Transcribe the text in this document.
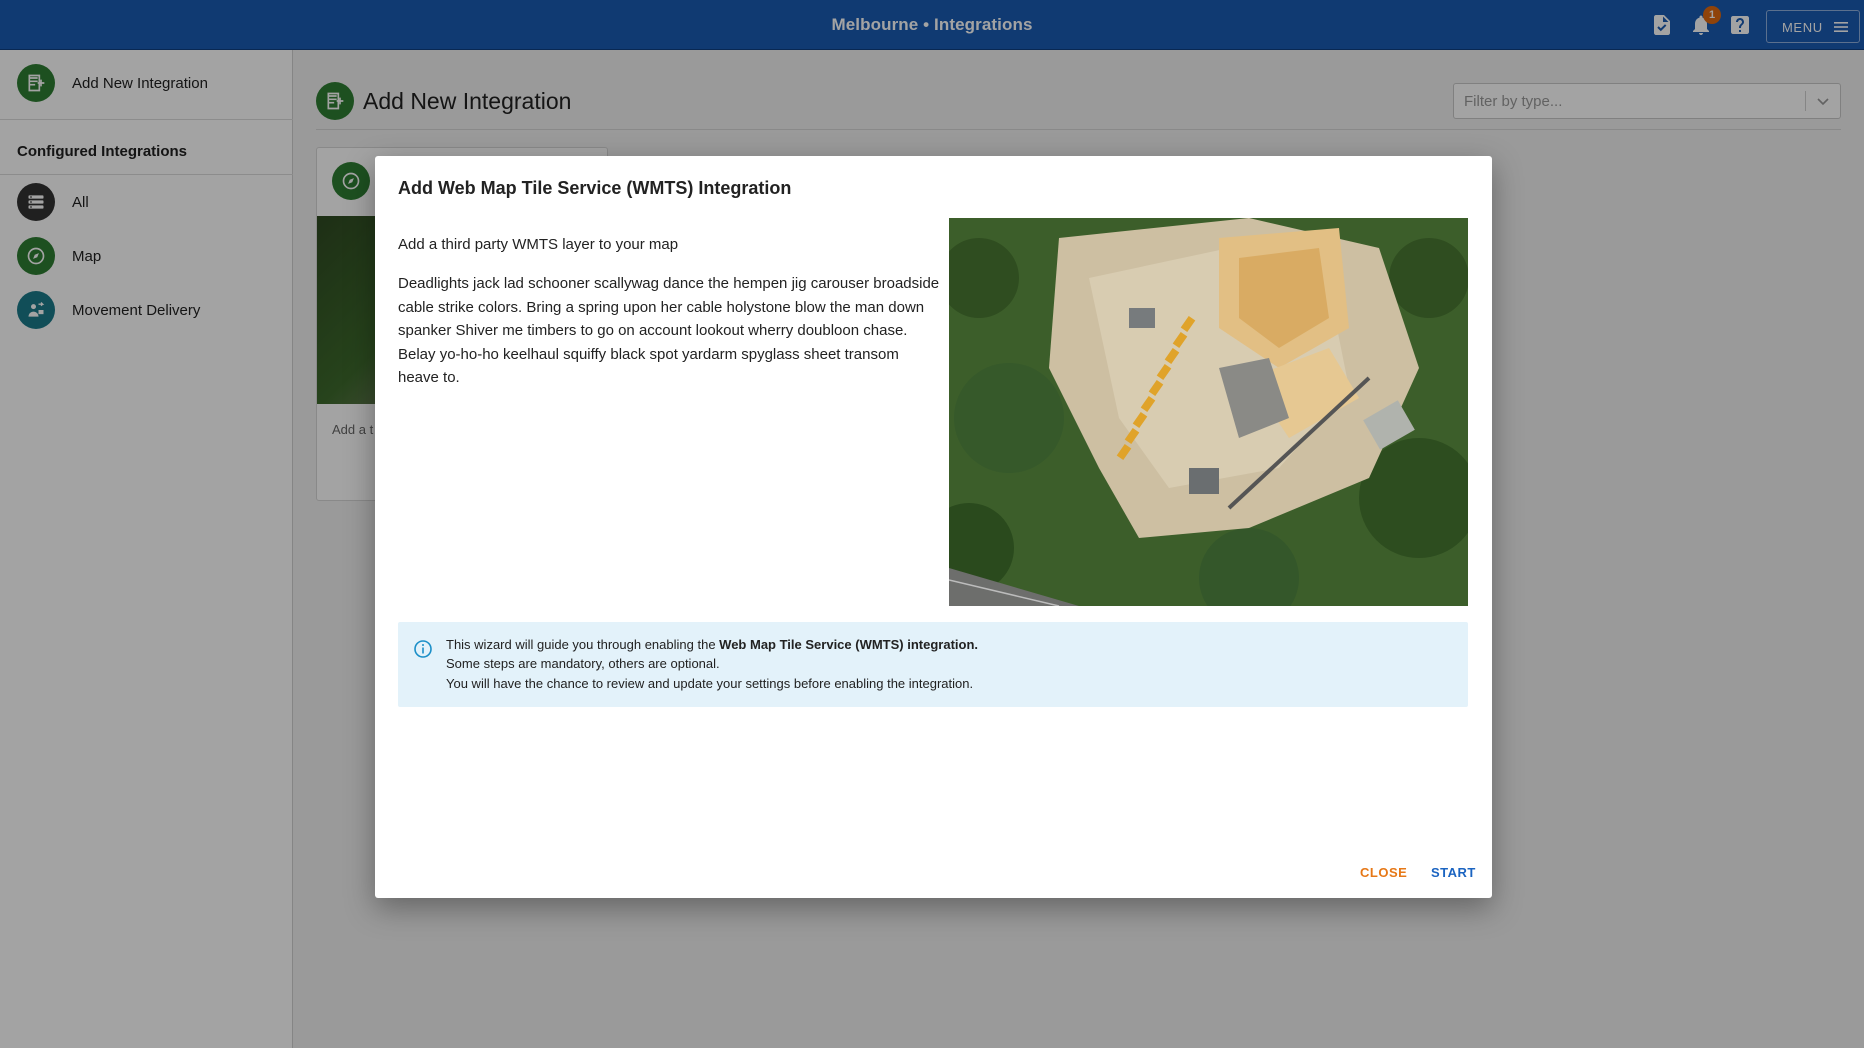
Melbourne • Integrations	1
MENU
Add New Integration
Configured Integrations
All
Map
Movement Delivery
Add New Integration
Filter by type...
Add a t
Add Web Map Tile Service (WMTS) Integration
Add a third party WMTS layer to your map
Deadlights jack lad schooner scallywag dance the hempen jig carouser broadside cable strike colors. Bring a spring upon her cable holystone blow the man down spanker Shiver me timbers to go on account lookout wherry doubloon chase. Belay yo-ho-ho keelhaul squiffy black spot yardarm spyglass sheet transom heave to.
This wizard will guide you through enabling the Web Map Tile Service (WMTS) integration.
Some steps are mandatory, others are optional.
You will have the chance to review and update your settings before enabling the integration.
CLOSE START
